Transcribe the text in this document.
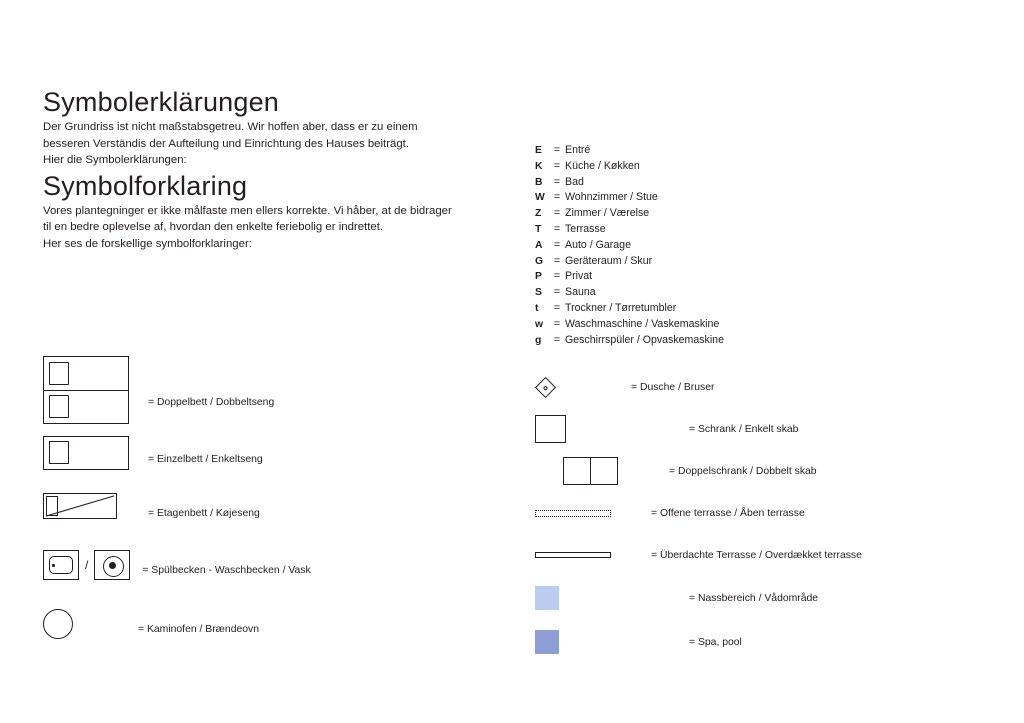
Symbolerklärungen

Der Grundriss ist nicht maßstabsgetreu. Wir hoffen aber, dass er zu einem
besseren Verständis der Aufteilung und Einrichtung des Hauses beiträgt.
Hier die Symbolerklärungen:

Symbolforklaring

Vores plantegninger er ikke målfaste men ellers korrekte. Vi håber, at de bidrager
til en bedre oplevelse af, hvordan den enkelte feriebolig er indrettet.
Her ses de forskellige symbolforklaringer:

E	= Entré
K	= Küche / Køkken
B	= Bad
W = Wohnzimmer / Stue
Z	= Zimmer / Værelse
T	= Terrasse
A	= Auto / Garage
G	= Geräteraum / Skur
P	= Privat
S	= Sauna
t	= Trockner / Tørretumbler
w	= Waschmaschine / Vaskemaskine
g	= Geschirrspüler / Opvaskemaskine
= Doppelbett / Dobbeltseng
= Einzelbett / Enkeltseng
= Etagenbett / Køjeseng
/	= Spülbecken - Waschbecken / Vask
= Kaminofen / Brændeovn
= Dusche / Bruser
= Schrank / Enkelt skab
= Doppelschrank / Dobbelt skab
= Offene terrasse / Åben terrasse
= Überdachte Terrasse / Overdækket terrasse
= Nassbereich / Vådområde
= Spa, pool
